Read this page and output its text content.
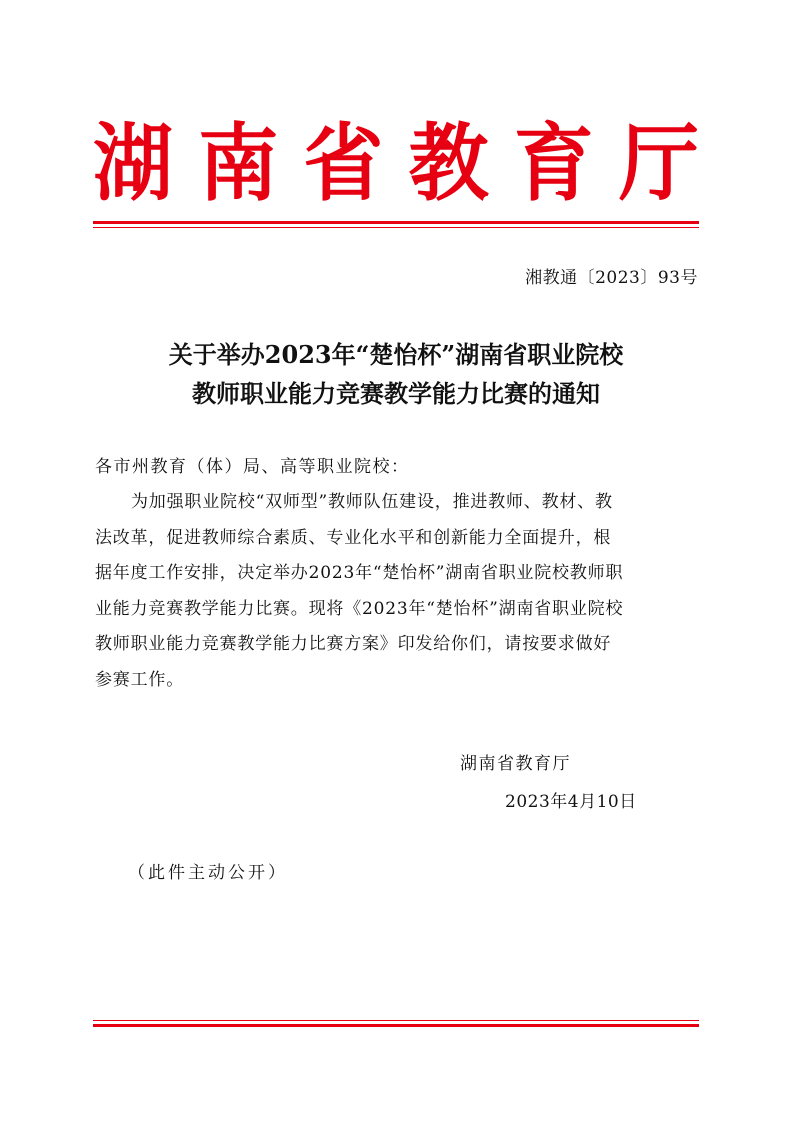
湖 南 省 教 育 厅
湘教通〔2023〕93号
关于举办2023年“楚怡杯”湖南省职业院校
教师职业能力竞赛教学能力比赛的通知
各市州教育（体）局、高等职业院校：
为加强职业院校“双师型”教师队伍建设，推进教师、教材、教
法改革，促进教师综合素质、专业化水平和创新能力全面提升，根
据年度工作安排，决定举办2023年“楚怡杯”湖南省职业院校教师职
业能力竞赛教学能力比赛。现将《2023年“楚怡杯”湖南省职业院校
教师职业能力竞赛教学能力比赛方案》印发给你们，请按要求做好
参赛工作。
湖南省教育厅
2023年4月10日
（此件主动公开）
